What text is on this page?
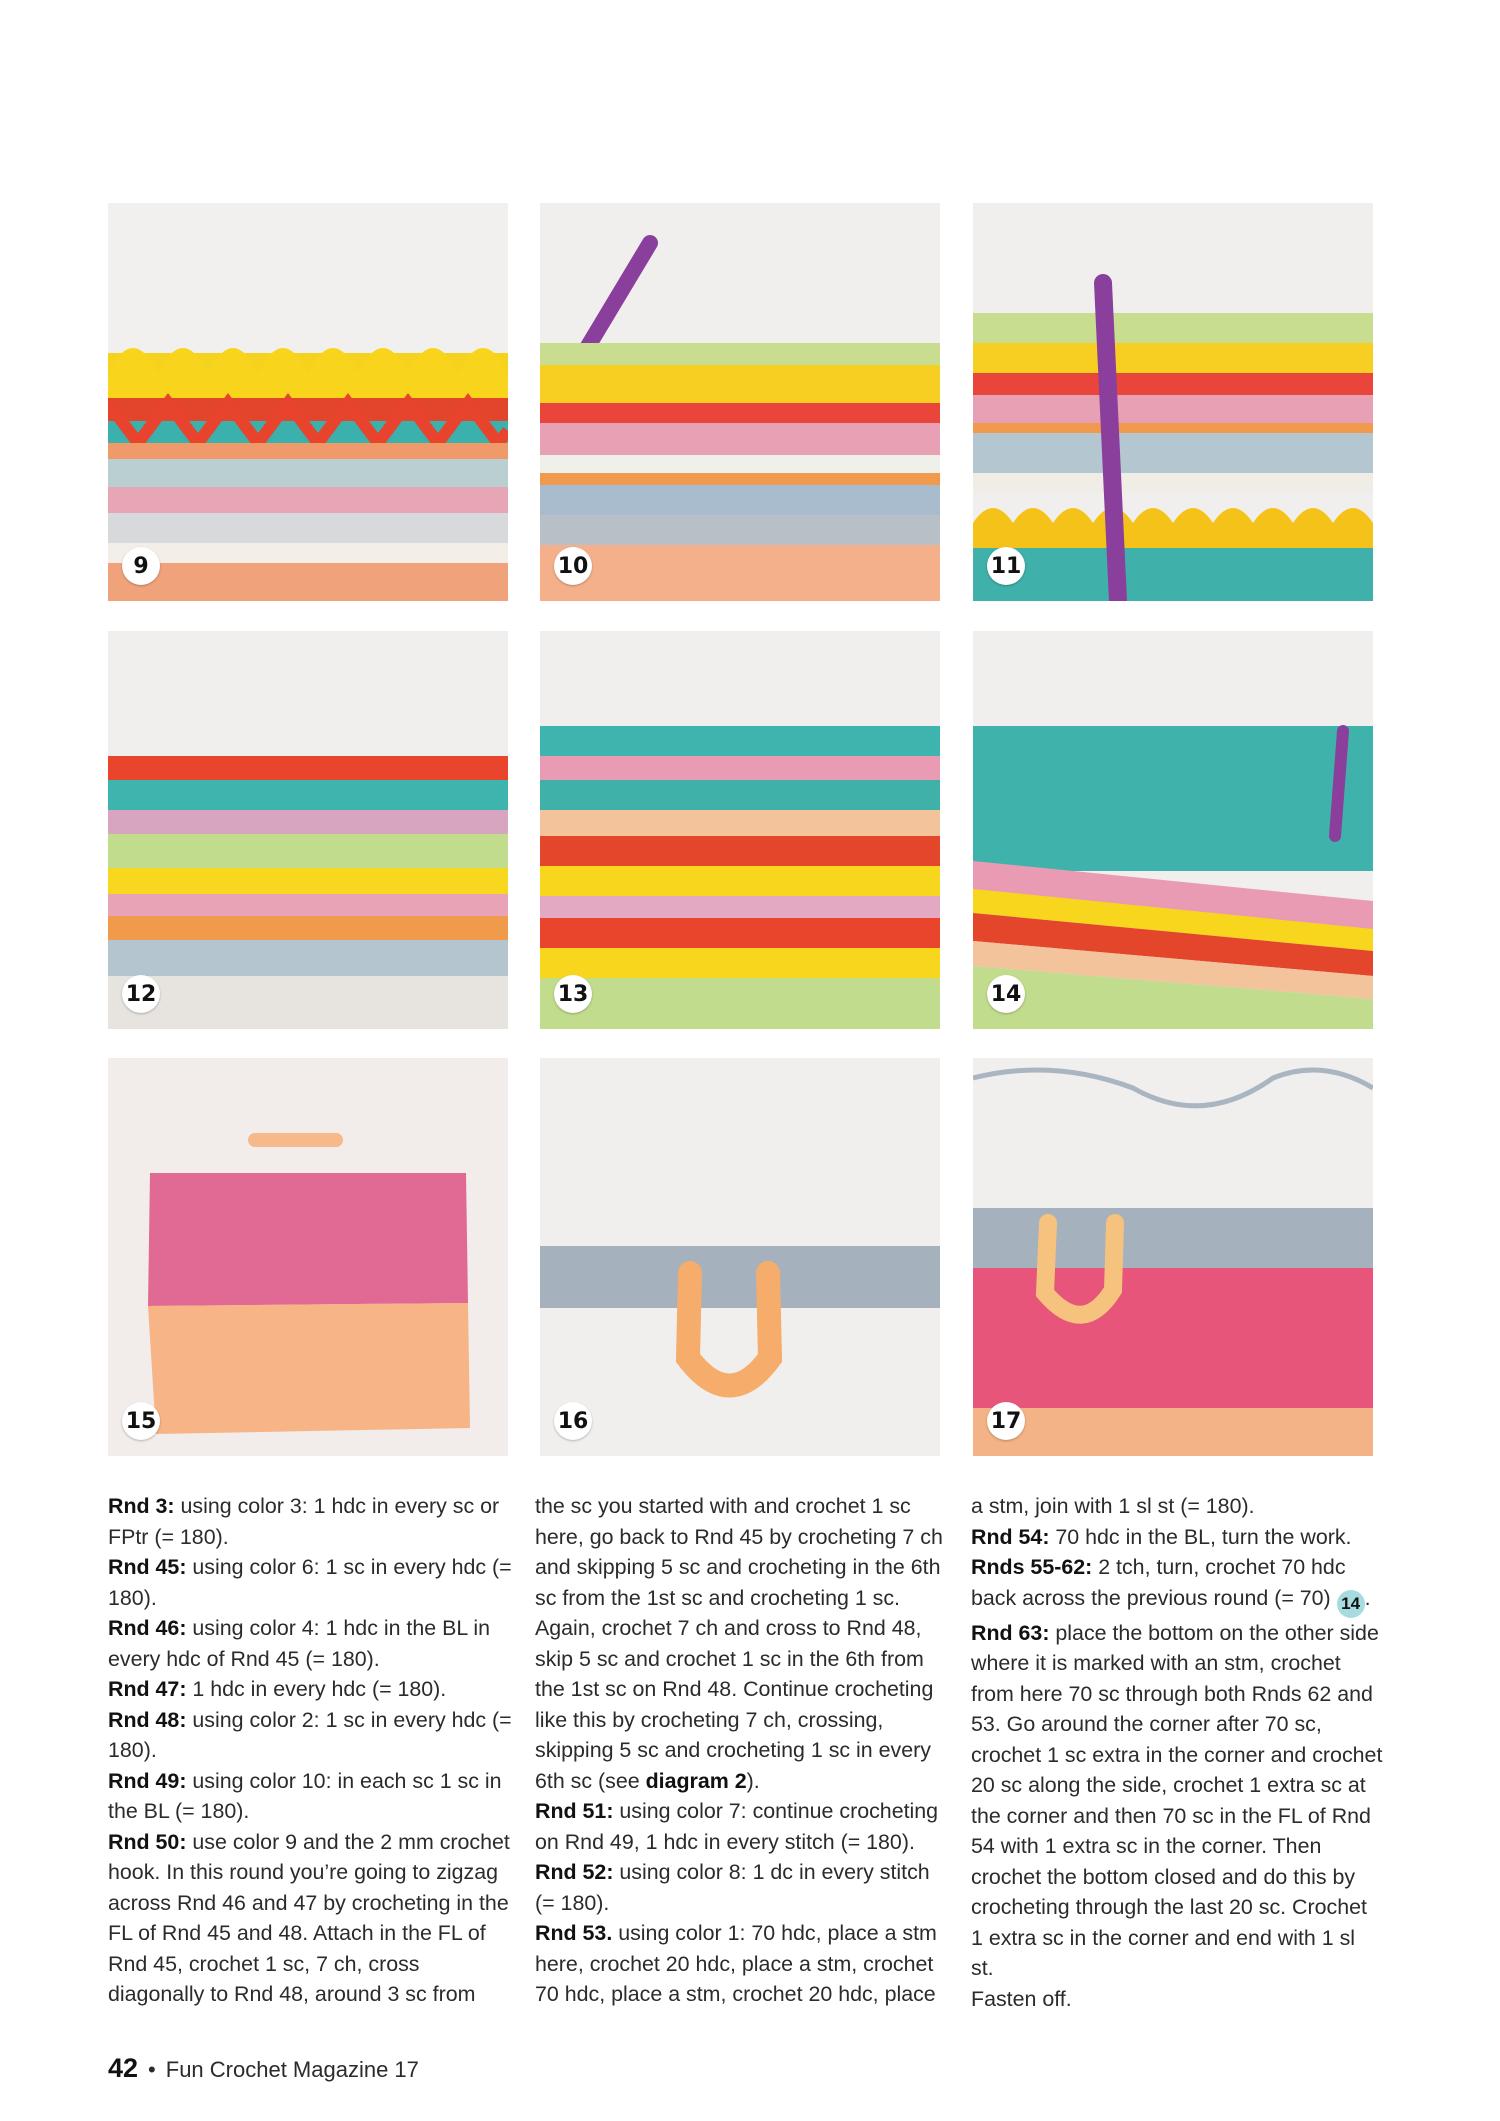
9	10	11
12	13	14
15	16	17

Rnd 3: using color 3: 1 hdc in every sc or FPtr (= 180).

Rnd 45: using color 6: 1 sc in every hdc (= 180).

Rnd 46: using color 4: 1 hdc in the BL in every hdc of Rnd 45 (= 180).

Rnd 47: 1 hdc in every hdc (= 180).

Rnd 48: using color 2: 1 sc in every hdc (= 180).

Rnd 49: using color 10: in each sc 1 sc in the BL (= 180).

Rnd 50: use color 9 and the 2 mm crochet hook. In this round you’re going to zigzag across Rnd 46 and 47 by crocheting in the FL of Rnd 45 and 48. Attach in the FL of Rnd 45, crochet 1 sc, 7 ch, cross diagonally to Rnd 48, around 3 sc from

the sc you started with and crochet 1 sc here, go back to Rnd 45 by crocheting 7 ch and skipping 5 sc and crocheting in the 6th sc from the 1st sc and crocheting 1 sc. Again, crochet 7 ch and cross to Rnd 48, skip 5 sc and crochet 1 sc in the 6th from the 1st sc on Rnd 48. Continue crocheting like this by crocheting 7 ch, crossing, skipping 5 sc and crocheting 1 sc in every 6th sc (see diagram 2).

Rnd 51: using color 7: continue crocheting on Rnd 49, 1 hdc in every stitch (= 180).

Rnd 52: using color 8: 1 dc in every stitch (= 180).

Rnd 53. using color 1: 70 hdc, place a stm here, crochet 20 hdc, place a stm, crochet 70 hdc, place a stm, crochet 20 hdc, place

a stm, join with 1 sl st (= 180).

Rnd 54: 70 hdc in the BL, turn the work.

Rnds 55-62: 2 tch, turn, crochet 70 hdc back across the previous round (= 70) 14 .

Rnd 63: place the bottom on the other side where it is marked with an stm, crochet from here 70 sc through both Rnds 62 and 53. Go around the corner after 70 sc, crochet 1 sc extra in the corner and crochet 20 sc along the side, crochet 1 extra sc at the corner and then 70 sc in the FL of Rnd 54 with 1 extra sc in the corner. Then crochet the bottom closed and do this by crocheting through the last 20 sc. Crochet 1 extra sc in the corner and end with 1 sl st.

Fasten off.

42 • Fun Crochet Magazine 17
